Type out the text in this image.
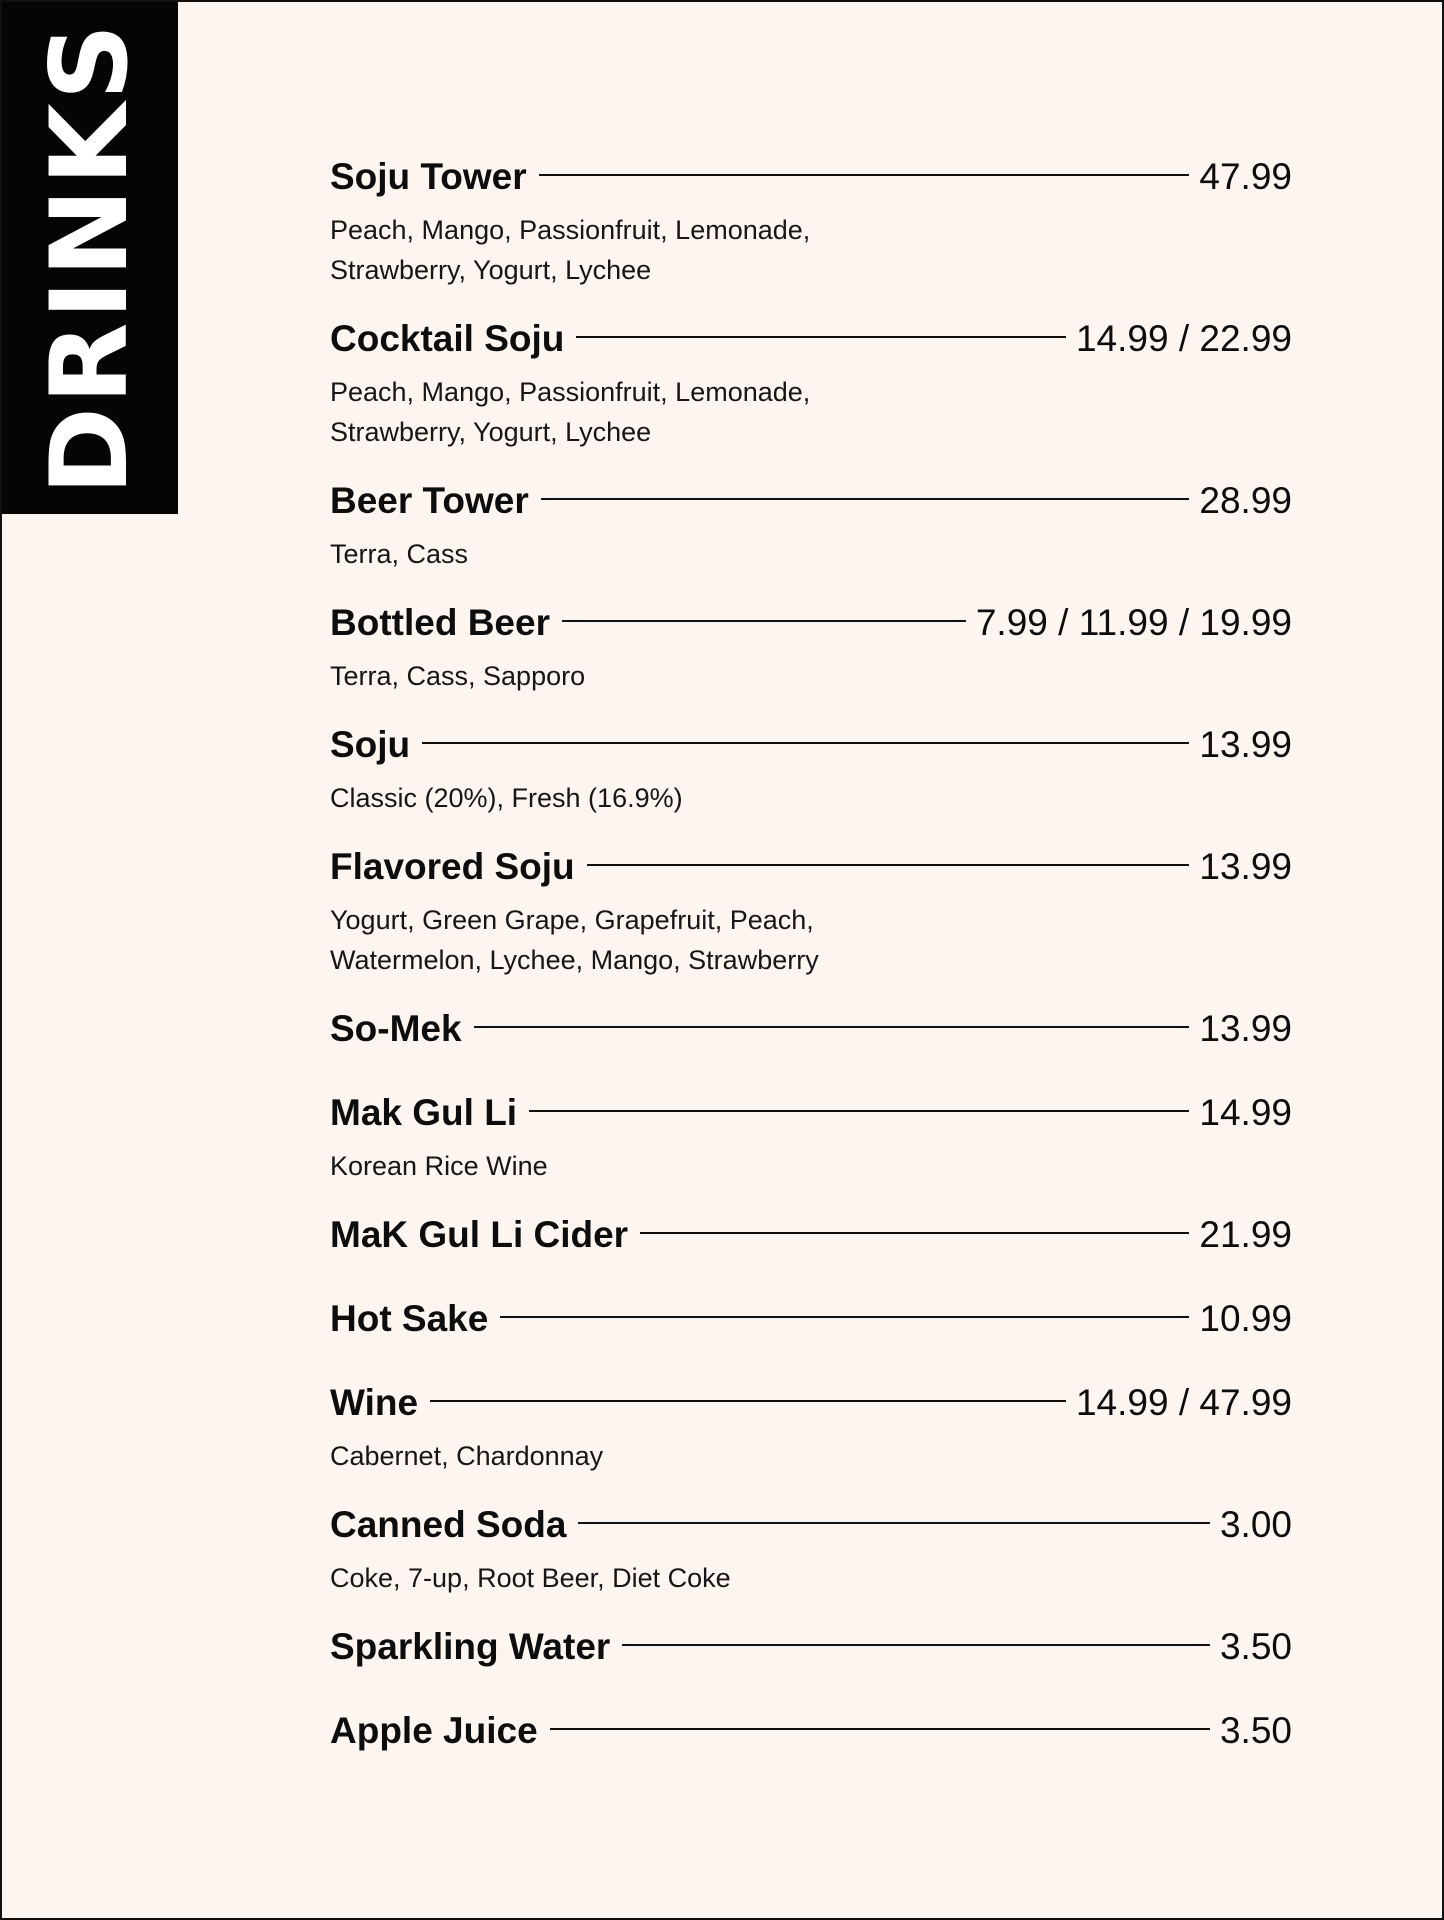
DRINKS	Soju Tower	47.99
Peach, Mango, Passionfruit, Lemonade,
Strawberry, Yogurt, Lychee
Cocktail Soju	14.99 / 22.99
Peach, Mango, Passionfruit, Lemonade,
Strawberry, Yogurt, Lychee
Beer Tower	28.99
Terra, Cass
Bottled Beer	7.99 / 11.99 / 19.99
Terra, Cass, Sapporo
Soju	13.99
Classic (20%), Fresh (16.9%)
Flavored Soju	13.99
Yogurt, Green Grape, Grapefruit, Peach,
Watermelon, Lychee, Mango, Strawberry
So-Mek	13.99
Mak Gul Li	14.99
Korean Rice Wine
MaK Gul Li Cider	21.99
Hot Sake	10.99
Wine	14.99 / 47.99
Cabernet, Chardonnay
Canned Soda	3.00
Coke, 7-up, Root Beer, Diet Coke
Sparkling Water	3.50
Apple Juice	3.50
